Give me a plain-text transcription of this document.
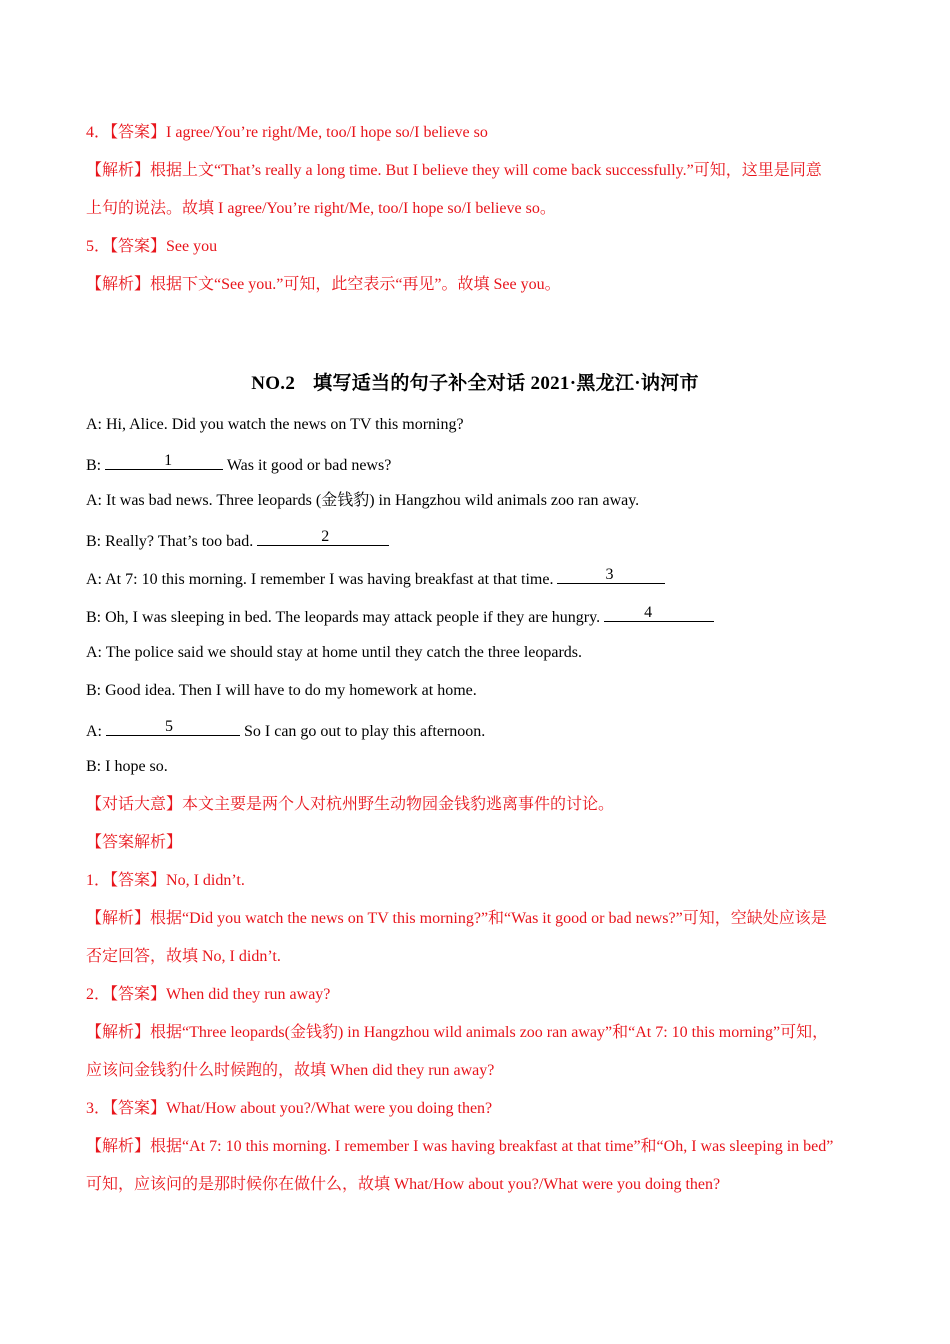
4．【答案】I agree/You’re right/Me, too/I hope so/I believe so
【解析】根据上文“That’s really a long time. But I believe they will come back successfully.”可知，这里是同意
上句的说法。故填 I agree/You’re right/Me, too/I hope so/I believe so。
5．【答案】See you
【解析】根据下文“See you.”可知，此空表示“再见”。故填 See you。
NO.2 填写适当的句子补全对话 2021·黑龙江·讷河市
A: Hi, Alice. Did you watch the news on TV this morning?
B:	1	Was it good or bad news?
A: It was bad news. Three leopards (金钱豹) in Hangzhou wild animals zoo ran away.
B: Really? That’s too bad.	2
A: At 7: 10 this morning. I remember I was having breakfast at that time.	3
B: Oh, I was sleeping in bed. The leopards may attack people if they are hungry.	4
A: The police said we should stay at home until they catch the three leopards.
B: Good idea. Then I will have to do my homework at home.
A:	5	So I can go out to play this afternoon.
B: I hope so.
【对话大意】本文主要是两个人对杭州野生动物园金钱豹逃离事件的讨论。
【答案解析】
1．【答案】No, I didn’t.
【解析】根据“Did you watch the news on TV this morning?”和“Was it good or bad news?”可知，空缺处应该是
否定回答，故填 No, I didn’t.
2．【答案】When did they run away?
【解析】根据“Three leopards(金钱豹) in Hangzhou wild animals zoo ran away”和“At 7: 10 this morning”可知，
应该问金钱豹什么时候跑的，故填 When did they run away?
3．【答案】What/How about you?/What were you doing then?
【解析】根据“At 7: 10 this morning. I remember I was having breakfast at that time”和“Oh, I was sleeping in bed”
可知，应该问的是那时候你在做什么，故填 What/How about you?/What were you doing then?
